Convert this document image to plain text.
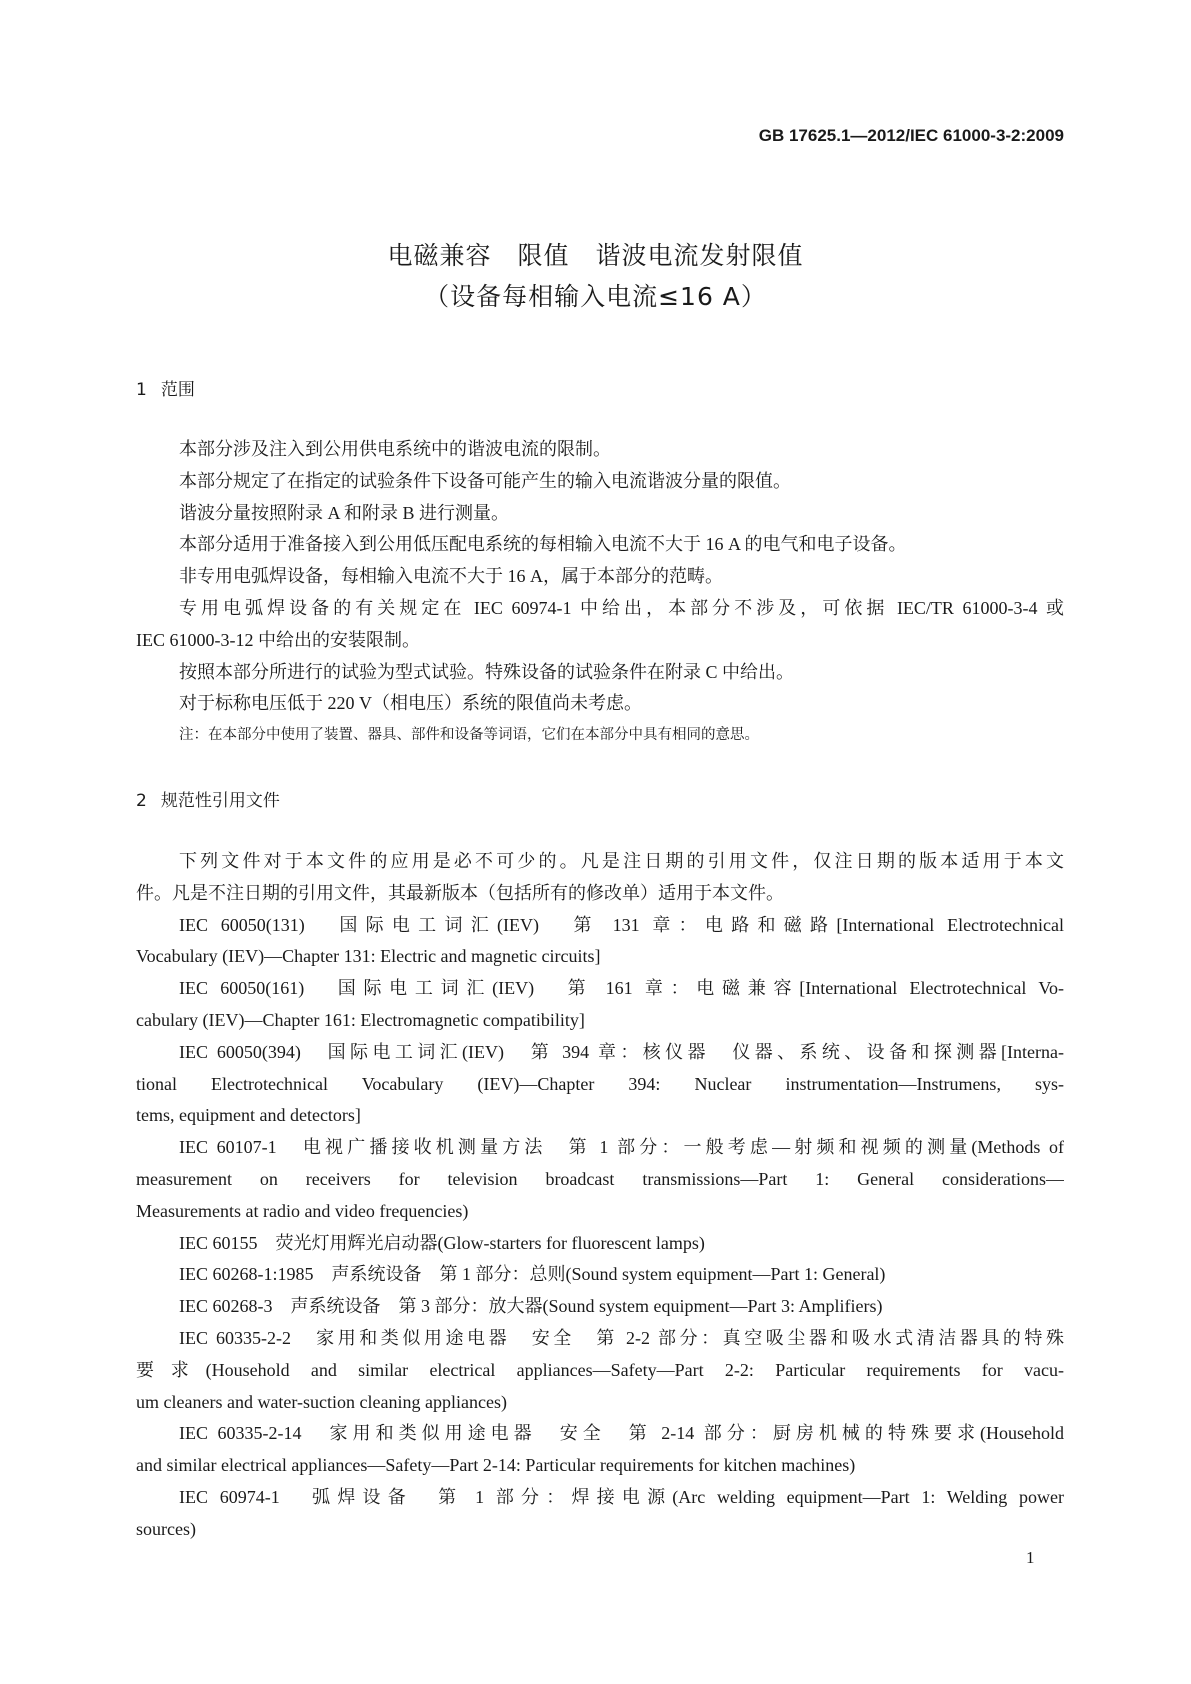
GB 17625.1—2012/IEC 61000-3-2:2009
电磁兼容　限值　谐波电流发射限值
（设备每相输入电流≤16 A）
1 范围
本部分涉及注入到公用供电系统中的谐波电流的限制。
本部分规定了在指定的试验条件下设备可能产生的输入电流谐波分量的限值。
谐波分量按照附录 A 和附录 B 进行测量。
本部分适用于准备接入到公用低压配电系统的每相输入电流不大于 16 A 的电气和电子设备。
非专用电弧焊设备，每相输入电流不大于 16 A，属于本部分的范畴。
专用电弧焊设备的有关规定在 IEC 60974-1 中给出，本部分不涉及，可依据 IEC/TR 61000-3-4 或
IEC 61000-3-12 中给出的安装限制。
按照本部分所进行的试验为型式试验。特殊设备的试验条件在附录 C 中给出。
对于标称电压低于 220 V（相电压）系统的限值尚未考虑。
注：在本部分中使用了装置、器具、部件和设备等词语，它们在本部分中具有相同的意思。
2 规范性引用文件
下列文件对于本文件的应用是必不可少的。凡是注日期的引用文件，仅注日期的版本适用于本文
件。凡是不注日期的引用文件，其最新版本（包括所有的修改单）适用于本文件。
IEC 60050(131)　国际电工词汇(IEV)　第 131 章：电路和磁路[International Electrotechnical
Vocabulary (IEV)—Chapter 131: Electric and magnetic circuits]
IEC 60050(161)　国际电工词汇(IEV)　第 161 章：电磁兼容[International Electrotechnical Vo-
cabulary (IEV)—Chapter 161: Electromagnetic compatibility]
IEC 60050(394)　国际电工词汇(IEV)　第 394 章：核仪器　仪器、系统、设备和探测器[Interna-
tional Electrotechnical Vocabulary (IEV)—Chapter 394: Nuclear instrumentation—Instrumens, sys-
tems, equipment and detectors]
IEC 60107-1　电视广播接收机测量方法　第 1 部分：一般考虑—射频和视频的测量(Methods of
measurement on receivers for television broadcast transmissions—Part 1: General considerations—
Measurements at radio and video frequencies)
IEC 60155　荧光灯用辉光启动器(Glow-starters for fluorescent lamps)
IEC 60268-1:1985　声系统设备　第 1 部分：总则(Sound system equipment—Part 1: General)
IEC 60268-3　声系统设备　第 3 部分：放大器(Sound system equipment—Part 3: Amplifiers)
IEC 60335-2-2　家用和类似用途电器　安全　第 2-2 部分：真空吸尘器和吸水式清洁器具的特殊
要求(Household and similar electrical appliances—Safety—Part 2-2: Particular requirements for vacu-
um cleaners and water-suction cleaning appliances)
IEC 60335-2-14　家用和类似用途电器　安全　第 2-14 部分：厨房机械的特殊要求(Household
and similar electrical appliances—Safety—Part 2-14: Particular requirements for kitchen machines)
IEC 60974-1　弧焊设备　第 1 部分：焊接电源(Arc welding equipment—Part 1: Welding power
sources)
1
